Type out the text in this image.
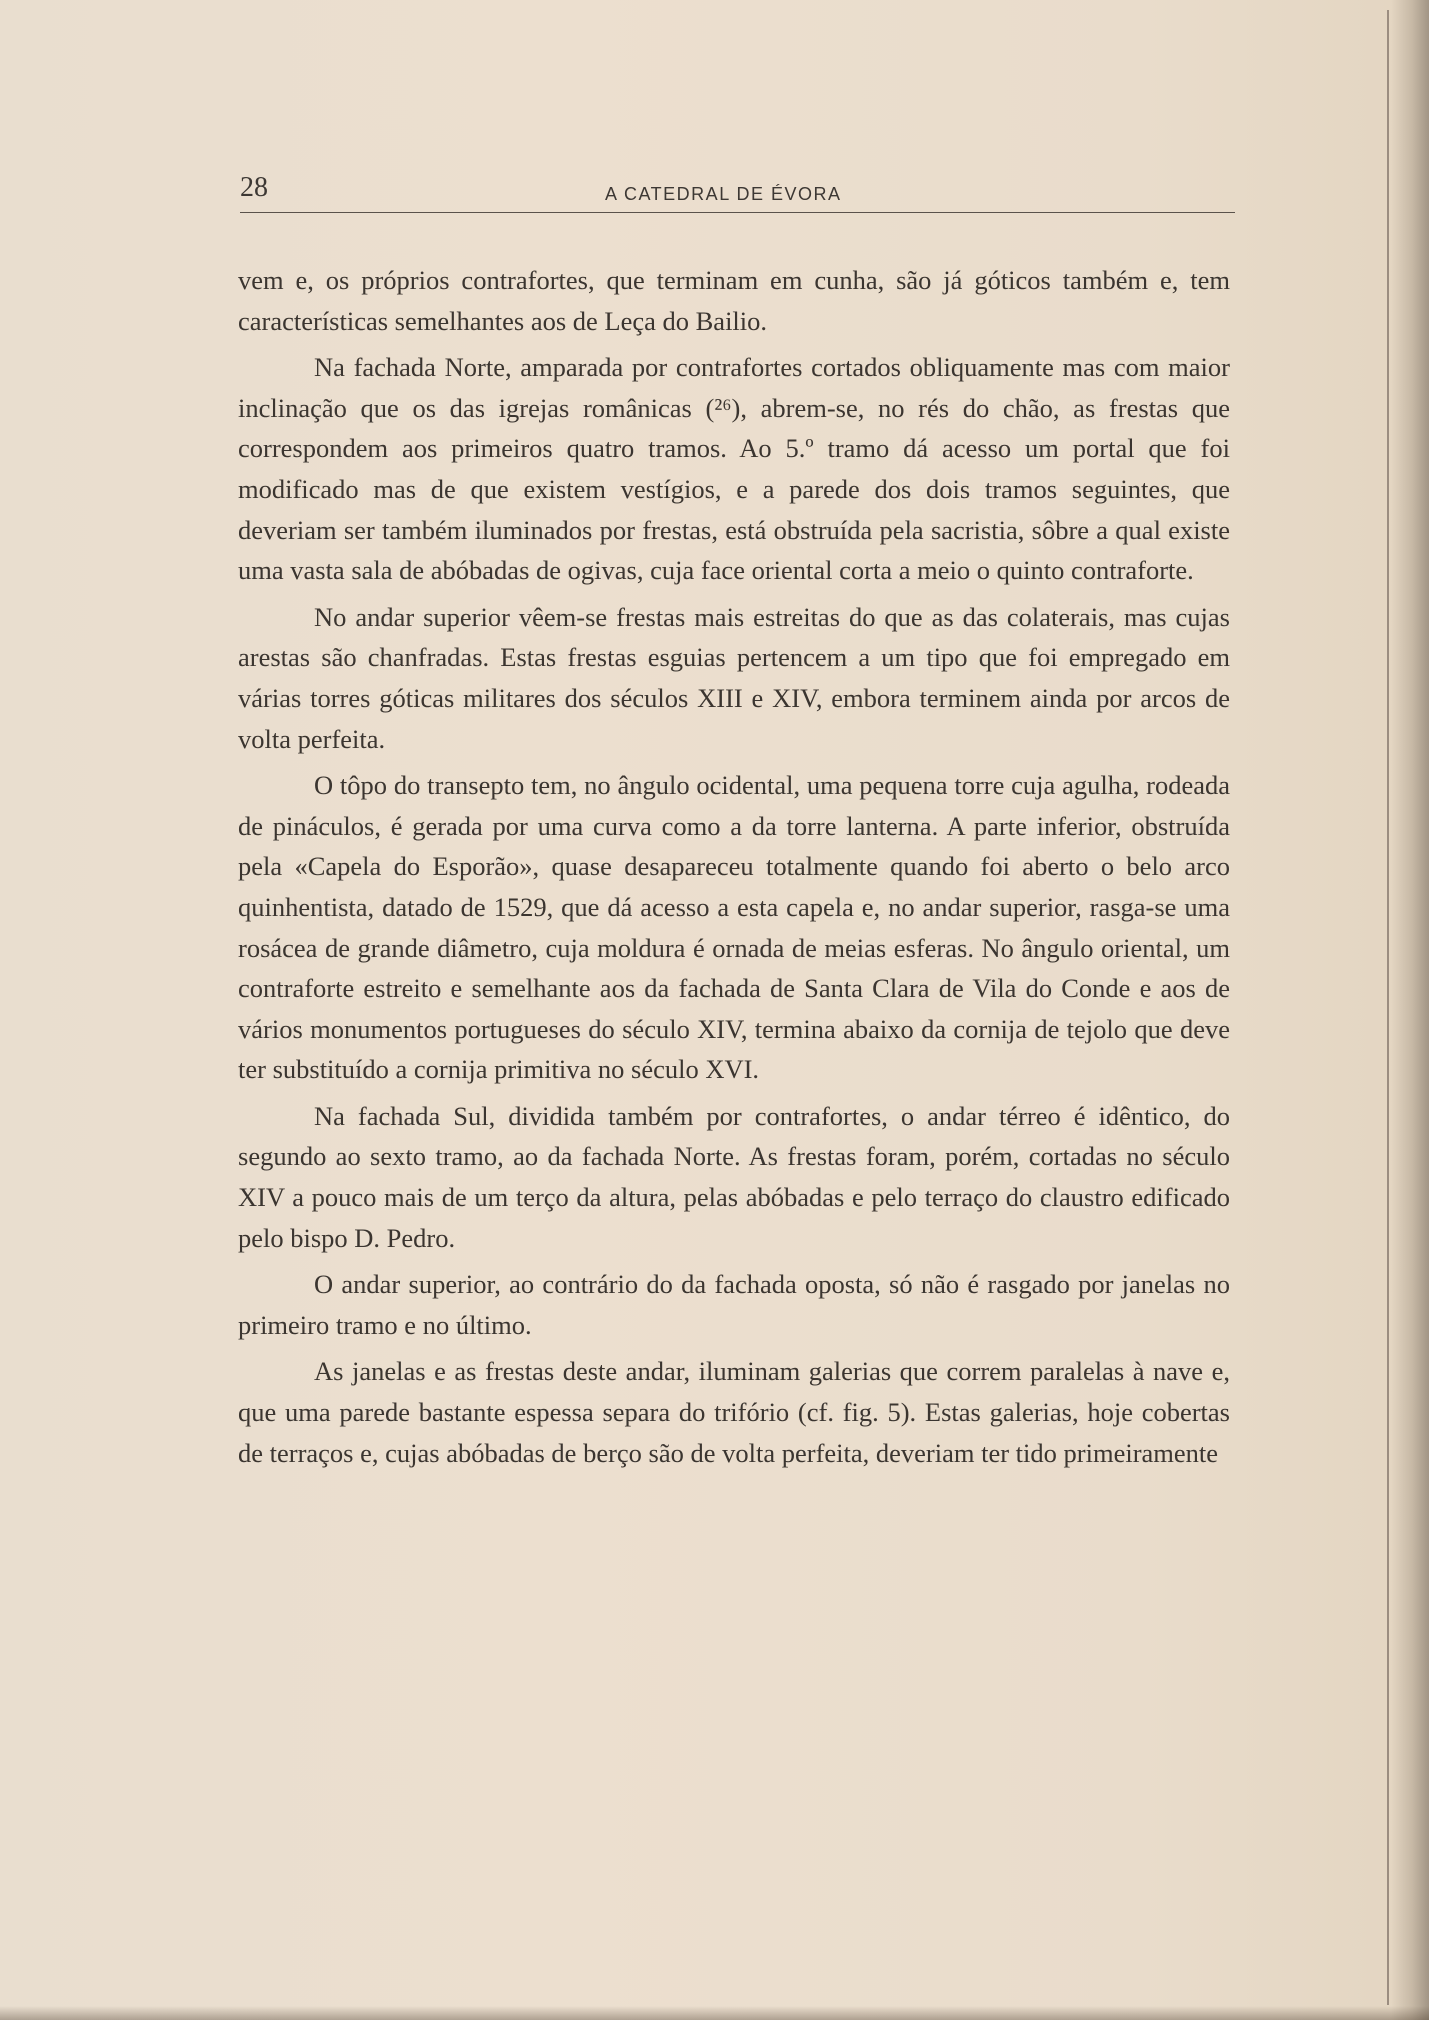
28	A CATEDRAL DE ÉVORA

vem e, os próprios contrafortes, que terminam em cunha, são já góticos também e, tem características semelhantes aos de Leça do Bailio.

Na fachada Norte, amparada por contrafortes cortados obliquamente mas com maior inclinação que os das igrejas românicas (²⁶), abrem-se, no rés do chão, as frestas que correspondem aos primeiros quatro tramos. Ao 5.º tramo dá acesso um portal que foi modificado mas de que existem vestígios, e a parede dos dois tramos seguintes, que deveriam ser também iluminados por frestas, está obstruída pela sacristia, sôbre a qual existe uma vasta sala de abóbadas de ogivas, cuja face oriental corta a meio o quinto contraforte.

No andar superior vêem-se frestas mais estreitas do que as das colaterais, mas cujas arestas são chanfradas. Estas frestas esguias pertencem a um tipo que foi empregado em várias torres góticas militares dos séculos XIII e XIV, embora terminem ainda por arcos de volta perfeita.

O tôpo do transepto tem, no ângulo ocidental, uma pequena torre cuja agulha, rodeada de pináculos, é gerada por uma curva como a da torre lanterna. A parte inferior, obstruída pela «Capela do Esporão», quase desapareceu totalmente quando foi aberto o belo arco quinhentista, datado de 1529, que dá acesso a esta capela e, no andar superior, rasga-se uma rosácea de grande diâmetro, cuja moldura é ornada de meias esferas. No ângulo oriental, um contraforte estreito e semelhante aos da fachada de Santa Clara de Vila do Conde e aos de vários monumentos portugueses do século XIV, termina abaixo da cornija de tejolo que deve ter substituído a cornija primitiva no século XVI.

Na fachada Sul, dividida também por contrafortes, o andar térreo é idêntico, do segundo ao sexto tramo, ao da fachada Norte. As frestas foram, porém, cortadas no século XIV a pouco mais de um terço da altura, pelas abóbadas e pelo terraço do claustro edificado pelo bispo D. Pedro.

O andar superior, ao contrário do da fachada oposta, só não é rasgado por janelas no primeiro tramo e no último.

As janelas e as frestas deste andar, iluminam galerias que correm paralelas à nave e, que uma parede bastante espessa separa do trifório (cf. fig. 5). Estas galerias, hoje cobertas de terraços e, cujas abóbadas de berço são de volta perfeita, deveriam ter tido primeiramente
